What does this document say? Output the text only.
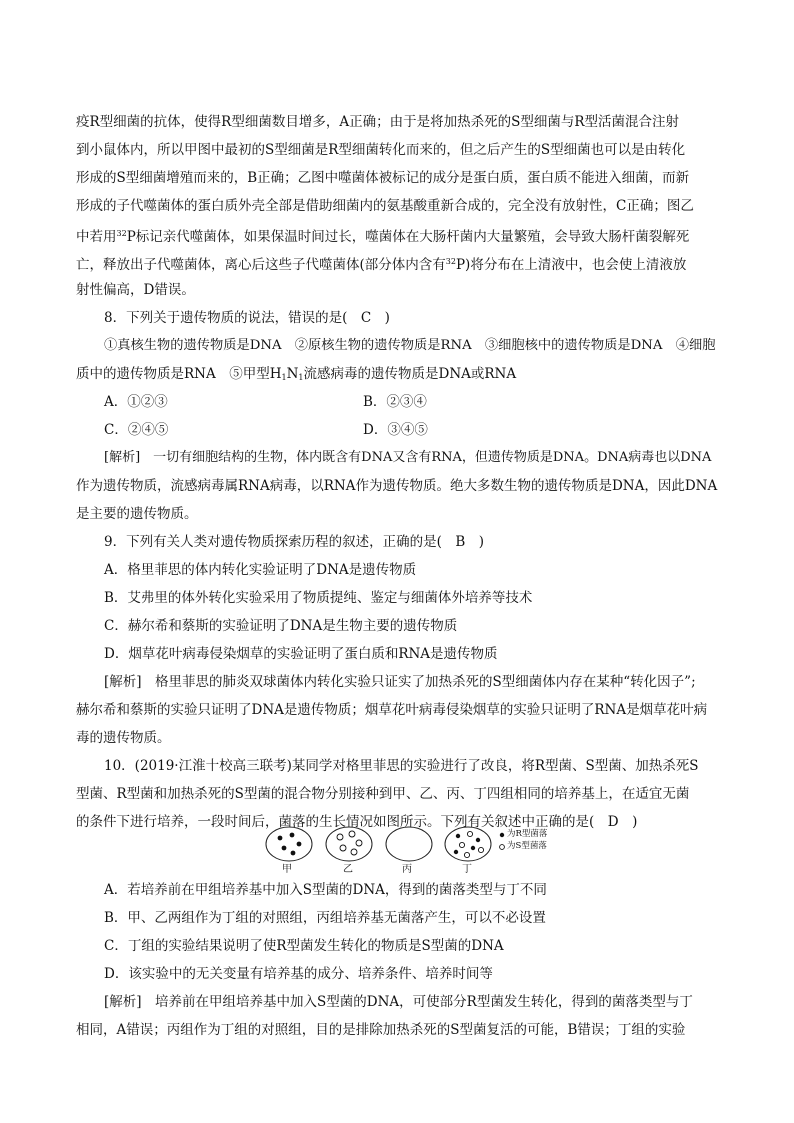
疫R型细菌的抗体，使得R型细菌数目增多，A正确；由于是将加热杀死的S型细菌与R型活菌混合注射
到小鼠体内，所以甲图中最初的S型细菌是R型细菌转化而来的，但之后产生的S型细菌也可以是由转化
形成的S型细菌增殖而来的，B正确；乙图中噬菌体被标记的成分是蛋白质，蛋白质不能进入细菌，而新
形成的子代噬菌体的蛋白质外壳全部是借助细菌内的氨基酸重新合成的，完全没有放射性，C正确；图乙
中若用$^{32}$P标记亲代噬菌体，如果保温时间过长，噬菌体在大肠杆菌内大量繁殖，会导致大肠杆菌裂解死
亡，释放出子代噬菌体，离心后这些子代噬菌体(部分体内含有$^{32}$P)将分布在上清液中，也会使上清液放
射性偏高，D错误。
8．下列关于遗传物质的说法，错误的是(　C　)
①真核生物的遗传物质是DNA　②原核生物的遗传物质是RNA　③细胞核中的遗传物质是DNA　④细胞
质中的遗传物质是RNA　⑤甲型$H_1N_1$流感病毒的遗传物质是DNA或RNA
A．①②③	B．②③④
C．②④⑤	D．③④⑤
[解析]　一切有细胞结构的生物，体内既含有DNA又含有RNA，但遗传物质是DNA。DNA病毒也以DNA
作为遗传物质，流感病毒属RNA病毒，以RNA作为遗传物质。绝大多数生物的遗传物质是DNA，因此DNA
是主要的遗传物质。
9．下列有关人类对遗传物质探索历程的叙述，正确的是(　B　)
A．格里菲思的体内转化实验证明了DNA是遗传物质
B．艾弗里的体外转化实验采用了物质提纯、鉴定与细菌体外培养等技术
C．赫尔希和蔡斯的实验证明了DNA是生物主要的遗传物质
D．烟草花叶病毒侵染烟草的实验证明了蛋白质和RNA是遗传物质
[解析]　格里菲思的肺炎双球菌体内转化实验只证实了加热杀死的S型细菌体内存在某种“转化因子”;
赫尔希和蔡斯的实验只证明了DNA是遗传物质；烟草花叶病毒侵染烟草的实验只证明了RNA是烟草花叶病
毒的遗传物质。
10．(2019·江淮十校高三联考)某同学对格里菲思的实验进行了改良，将R型菌、S型菌、加热杀死S
型菌、R型菌和加热杀死的S型菌的混合物分别接种到甲、乙、丙、丁四组相同的培养基上，在适宜无菌
的条件下进行培养，一段时间后，菌落的生长情况如图所示。下列有关叙述中正确的是(　D　)
为R型菌落
为S型菌落
甲	乙	丙	丁
A．若培养前在甲组培养基中加入S型菌的DNA，得到的菌落类型与丁不同
B．甲、乙两组作为丁组的对照组，丙组培养基无菌落产生，可以不必设置
C．丁组的实验结果说明了使R型菌发生转化的物质是S型菌的DNA
D．该实验中的无关变量有培养基的成分、培养条件、培养时间等
[解析]　培养前在甲组培养基中加入S型菌的DNA，可使部分R型菌发生转化，得到的菌落类型与丁
相同，A错误；丙组作为丁组的对照组，目的是排除加热杀死的S型菌复活的可能，B错误；丁组的实验
